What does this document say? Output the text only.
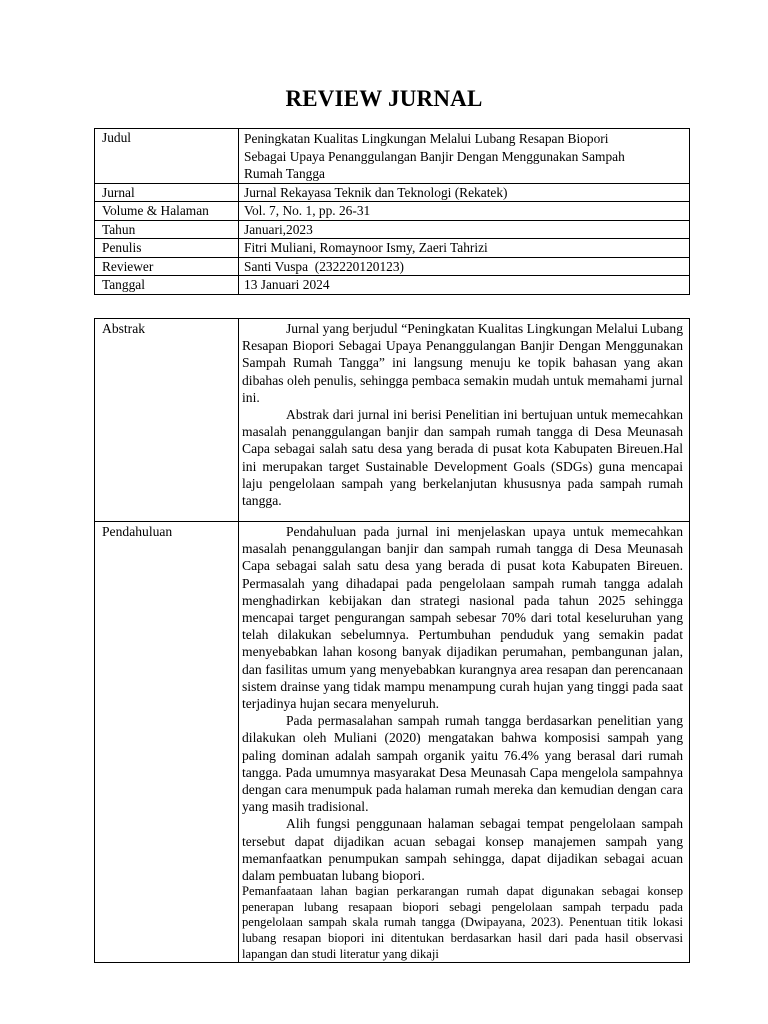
REVIEW JURNAL
Judul	Peningkatan Kualitas Lingkungan Melalui Lubang Resapan Biopori Sebagai Upaya Penanggulangan Banjir Dengan Menggunakan Sampah Rumah Tangga
Jurnal	Jurnal Rekayasa Teknik dan Teknologi (Rekatek)
Volume & Halaman	Vol. 7, No. 1, pp. 26-31
Tahun	Januari,2023
Penulis	Fitri Muliani, Romaynoor Ismy, Zaeri Tahrizi
Reviewer	Santi Vuspa  (232220120123)
Tanggal	13 Januari 2024
Abstrak	Jurnal yang berjudul “Peningkatan Kualitas Lingkungan Melalui Lubang Resapan Biopori Sebagai Upaya Penanggulangan Banjir Dengan Menggunakan Sampah Rumah Tangga” ini langsung menuju ke topik bahasan yang akan dibahas oleh penulis, sehingga pembaca semakin mudah untuk memahami jurnal ini.

Abstrak dari jurnal ini berisi Penelitian ini bertujuan untuk memecahkan masalah penanggulangan banjir dan sampah rumah tangga di Desa Meunasah Capa sebagai salah satu desa yang berada di pusat kota Kabupaten Bireuen.Hal ini merupakan target Sustainable Development Goals (SDGs) guna mencapai laju pengelolaan sampah yang berkelanjutan khususnya pada sampah rumah tangga.

Pendahuluan	Pendahuluan pada jurnal ini menjelaskan upaya untuk memecahkan masalah penanggulangan banjir dan sampah rumah tangga di Desa Meunasah Capa sebagai salah satu desa yang berada di pusat kota Kabupaten Bireuen. Permasalah yang dihadapai pada pengelolaan sampah rumah tangga adalah menghadirkan kebijakan dan strategi nasional pada tahun 2025 sehingga mencapai target pengurangan sampah sebesar 70% dari total keseluruhan yang telah dilakukan sebelumnya. Pertumbuhan penduduk yang semakin padat menyebabkan lahan kosong banyak dijadikan perumahan, pembangunan jalan, dan fasilitas umum yang menyebabkan kurangnya area resapan dan perencanaan sistem drainse yang tidak mampu menampung curah hujan yang tinggi pada saat terjadinya hujan secara menyeluruh.

Pada permasalahan sampah rumah tangga berdasarkan penelitian yang dilakukan oleh Muliani (2020) mengatakan bahwa komposisi sampah yang paling dominan adalah sampah organik yaitu 76.4% yang berasal dari rumah tangga. Pada umumnya masyarakat Desa Meunasah Capa mengelola sampahnya dengan cara menumpuk pada halaman rumah mereka dan kemudian dengan cara yang masih tradisional.

Alih fungsi penggunaan halaman sebagai tempat pengelolaan sampah tersebut dapat dijadikan acuan sebagai konsep manajemen sampah yang memanfaatkan penumpukan sampah sehingga, dapat dijadikan sebagai acuan dalam pembuatan lubang biopori.

Pemanfaataan lahan bagian perkarangan rumah dapat digunakan sebagai konsep penerapan lubang resapaan biopori sebagi pengelolaan sampah terpadu pada pengelolaan sampah skala rumah tangga (Dwipayana, 2023). Penentuan titik lokasi lubang resapan biopori ini ditentukan berdasarkan hasil dari pada hasil observasi lapangan dan studi literatur yang dikaji
